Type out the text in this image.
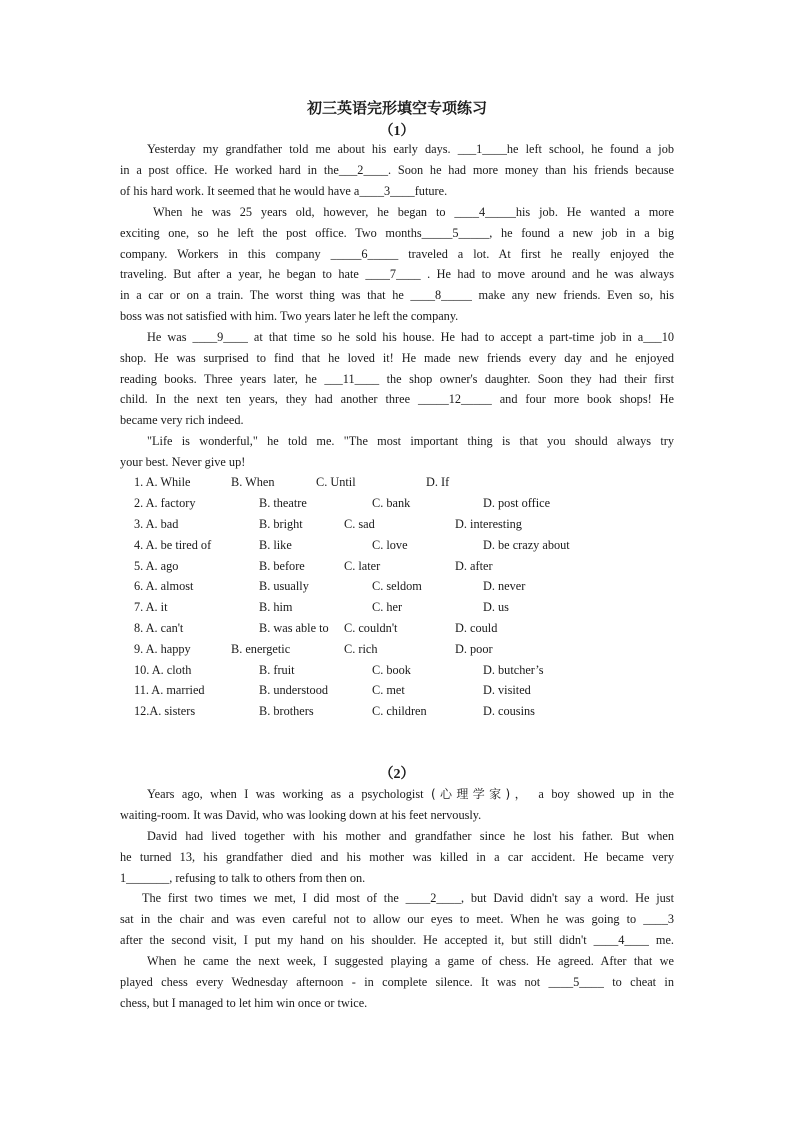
初三英语完形填空专项练习
（1）
Yesterday my grandfather told me about his early days. ___1____he left school, he found a job
in a post office. He worked hard in the___2____. Soon he had more money than his friends because
of his hard work. It seemed that he would have a____3____future.
When he was 25 years old, however, he began to ____4_____his job. He wanted a more
exciting one, so he left the post office. Two months_____5_____, he found a new job in a big
company. Workers in this company _____6_____ traveled a lot. At first he really enjoyed the
traveling. But after a year, he began to hate ____7____ . He had to move around and he was always
in a car or on a train. The worst thing was that he ____8_____ make any new friends. Even so, his
boss was not satisfied with him. Two years later he left the company.
He was ____9____ at that time so he sold his house. He had to accept a part-time job in a___10
shop. He was surprised to find that he loved it! He made new friends every day and he enjoyed
reading books. Three years later, he ___11____ the shop owner's daughter. Soon they had their first
child. In the next ten years, they had another three _____12_____ and four more book shops! He
became very rich indeed.
"Life is wonderful," he told me. "The most important thing is that you should always try
your best. Never give up!
1. A. While	B. When	C. Until	D. If
2. A. factory	B. theatre	C. bank	D. post office
3. A. bad	B. bright	C. sad	D. interesting
4. A. be tired of	B. like	C. love	D. be crazy about
5. A. ago	B. before	C. later	D. after
6. A. almost	B. usually	C. seldom	D. never
7. A. it	B. him	C. her	D. us
8. A. can't	B. was able to C. couldn't	D. could
9. A. happy	B. energetic	C. rich	D. poor
10. A. cloth	B. fruit	C. book	D. butcher’s
11. A. married	B. understood	C. met	D. visited
12.A. sisters	B. brothers	C. children	D. cousins
（2）
Years ago, when I was working as a psychologist (心理学家)， a boy showed up in the
waiting-room. It was David, who was looking down at his feet nervously.
David had lived together with his mother and grandfather since he lost his father. But when
he turned 13, his grandfather died and his mother was killed in a car accident. He became very
1_______, refusing to talk to others from then on.
The first two times we met, I did most of the ____2____, but David didn't say a word. He just
sat in the chair and was even careful not to allow our eyes to meet. When he was going to ____3
after the second visit, I put my hand on his shoulder. He accepted it, but still didn't ____4____ me.
When he came the next week, I suggested playing a game of chess. He agreed. After that we
played chess every Wednesday afternoon - in complete silence. It was not ____5____ to cheat in
chess, but I managed to let him win once or twice.
